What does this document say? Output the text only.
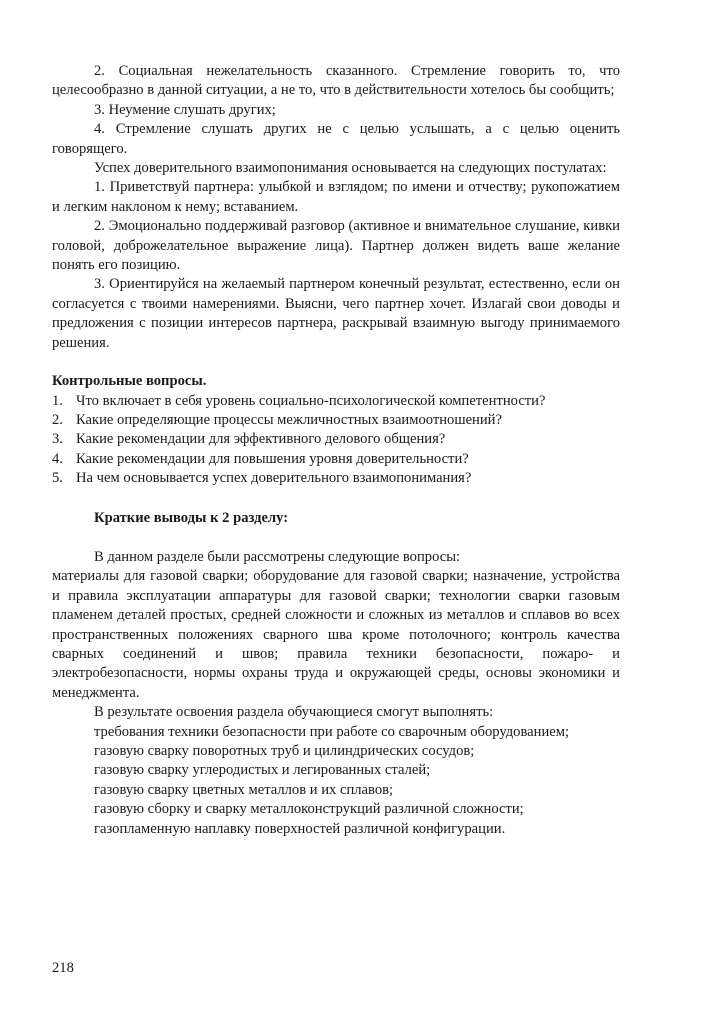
2. Социальная нежелательность сказанного. Стремление говорить то, что целесообразно в данной ситуации, а не то, что в действительности хотелось бы сообщить;

3. Неумение слушать других;

4. Стремление слушать других не с целью услышать, а с целью оценить говорящего.

Успех доверительного взаимопонимания основывается на следующих постулатах:

1. Приветствуй партнера: улыбкой и взглядом; по имени и отчеству; рукопожатием и легким наклоном к нему; вставанием.

2. Эмоционально поддерживай разговор (активное и внимательное слушание, кивки головой, доброжелательное выражение лица). Партнер должен видеть ваше желание понять его позицию.

3. Ориентируйся на желаемый партнером конечный результат, естественно, если он согласуется с твоими намерениями. Выясни, чего партнер хочет. Излагай свои доводы и предложения с позиции интересов партнера, раскрывай взаимную выгоду принимаемого решения.

Контрольные вопросы.

1. Что включает в себя уровень социально-психологической компетентности?
2. Какие определяющие процессы межличностных взаимоотношений?
3. Какие рекомендации для эффективного делового общения?
4. Какие рекомендации для повышения уровня доверительности?
5. На чем основывается успех доверительного взаимопонимания?

Краткие выводы к 2 разделу:

В данном разделе были рассмотрены следующие вопросы:

материалы для газовой сварки; оборудование для газовой сварки; назначение, устройства и правила эксплуатации аппаратуры для газовой сварки; технологии сварки газовым пламенем деталей простых, средней сложности и сложных из металлов и сплавов во всех пространственных положениях сварного шва кроме потолочного; контроль качества сварных соединений и швов; правила техники безопасности, пожаро- и электробезопасности, нормы охраны труда и окружающей среды, основы экономики и менеджмента.

В результате освоения раздела обучающиеся смогут выполнять:

требования техники безопасности при работе со сварочным оборудованием;

газовую сварку поворотных труб и цилиндрических сосудов;

газовую сварку углеродистых и легированных сталей;

газовую сварку цветных металлов и их сплавов;

газовую сборку и сварку металлоконструкций различной сложности;

газопламенную наплавку поверхностей различной конфигурации.

218
